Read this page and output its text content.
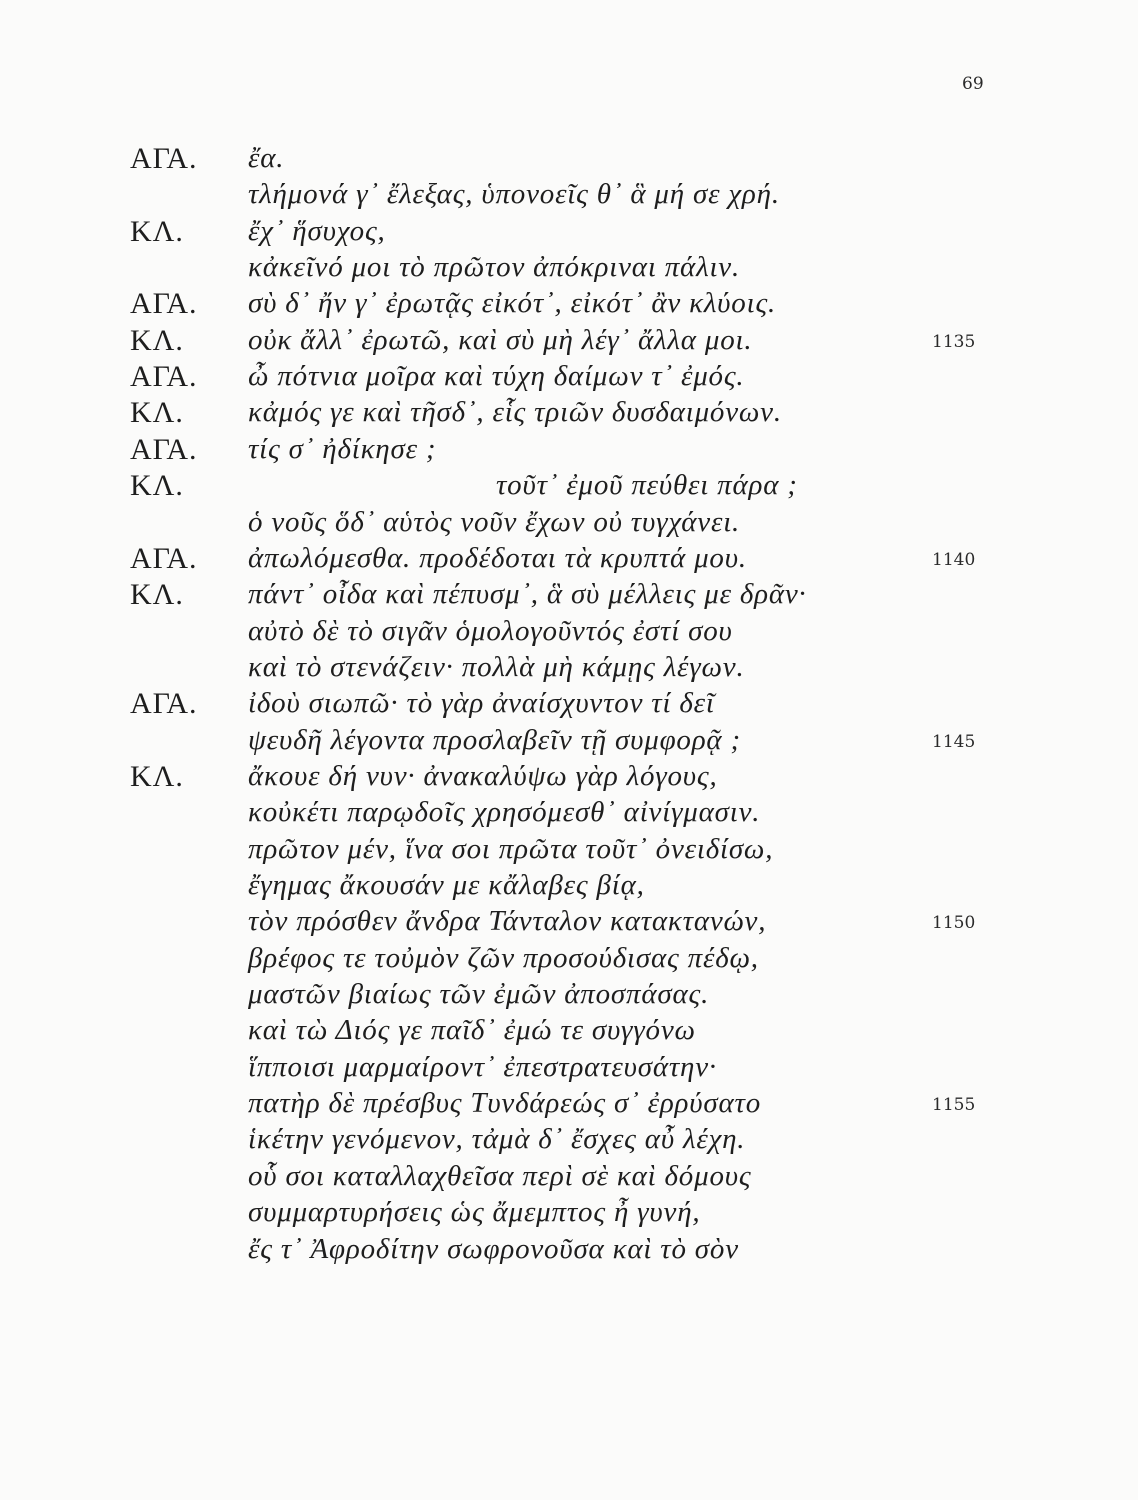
69
ΑΓΑ. ἔα.
τλήμονά γ᾽ ἔλεξας, ὑπονοεῖς θ᾽ ἃ μή σε χρή.
ΚΛ. ἔχ᾽ ἥσυχος,
κἀκεῖνό μοι τὸ πρῶτον ἀπόκριναι πάλιν.
ΑΓΑ. σὺ δ᾽ ἤν γ᾽ ἐρωτᾷς εἰκότ᾽, εἰκότ᾽ ἂν κλύοις.
ΚΛ. οὐκ ἄλλ᾽ ἐρωτῶ, καὶ σὺ μὴ λέγ᾽ ἄλλα μοι.	1135
ΑΓΑ. ὦ πότνια μοῖρα καὶ τύχη δαίμων τ᾽ ἐμός.
ΚΛ. κἀμός γε καὶ τῆσδ᾽, εἷς τριῶν δυσδαιμόνων.
ΑΓΑ. τίς σ᾽ ἠδίκησε ;
ΚΛ.	τοῦτ᾽ ἐμοῦ πεύθει πάρα ;
ὁ νοῦς ὅδ᾽ αὑτὸς νοῦν ἔχων οὐ τυγχάνει.
ΑΓΑ. ἀπωλόμεσθα. προδέδοται τὰ κρυπτά μου.	1140
ΚΛ. πάντ᾽ οἶδα καὶ πέπυσμ᾽, ἃ σὺ μέλλεις με δρᾶν·
αὐτὸ δὲ τὸ σιγᾶν ὁμολογοῦντός ἐστί σου
καὶ τὸ στενάζειν· πολλὰ μὴ κάμῃς λέγων.
ΑΓΑ. ἰδοὺ σιωπῶ· τὸ γὰρ ἀναίσχυντον τί δεῖ
ψευδῆ λέγοντα προσλαβεῖν τῇ συμφορᾷ ;	1145
ΚΛ. ἄκουε δή νυν· ἀνακαλύψω γὰρ λόγους,
κοὐκέτι παρῳδοῖς χρησόμεσθ᾽ αἰνίγμασιν.
πρῶτον μέν, ἵνα σοι πρῶτα τοῦτ᾽ ὀνειδίσω,
ἔγημας ἄκουσάν με κἄλαβες βίᾳ,
τὸν πρόσθεν ἄνδρα Τάνταλον κατακτανών,	1150
βρέφος τε τοὐμὸν ζῶν προσούδισας πέδῳ,
μαστῶν βιαίως τῶν ἐμῶν ἀποσπάσας.
καὶ τὼ Διός γε παῖδ᾽ ἐμώ τε συγγόνω
ἵπποισι μαρμαίροντ᾽ ἐπεστρατευσάτην·
πατὴρ δὲ πρέσβυς Τυνδάρεώς σ᾽ ἐρρύσατο	1155
ἱκέτην γενόμενον, τἀμὰ δ᾽ ἔσχες αὖ λέχη.
οὗ σοι καταλλαχθεῖσα περὶ σὲ καὶ δόμους
συμμαρτυρήσεις ὡς ἄμεμπτος ἦ γυνή,
ἔς τ᾽ Ἀφροδίτην σωφρονοῦσα καὶ τὸ σὸν
